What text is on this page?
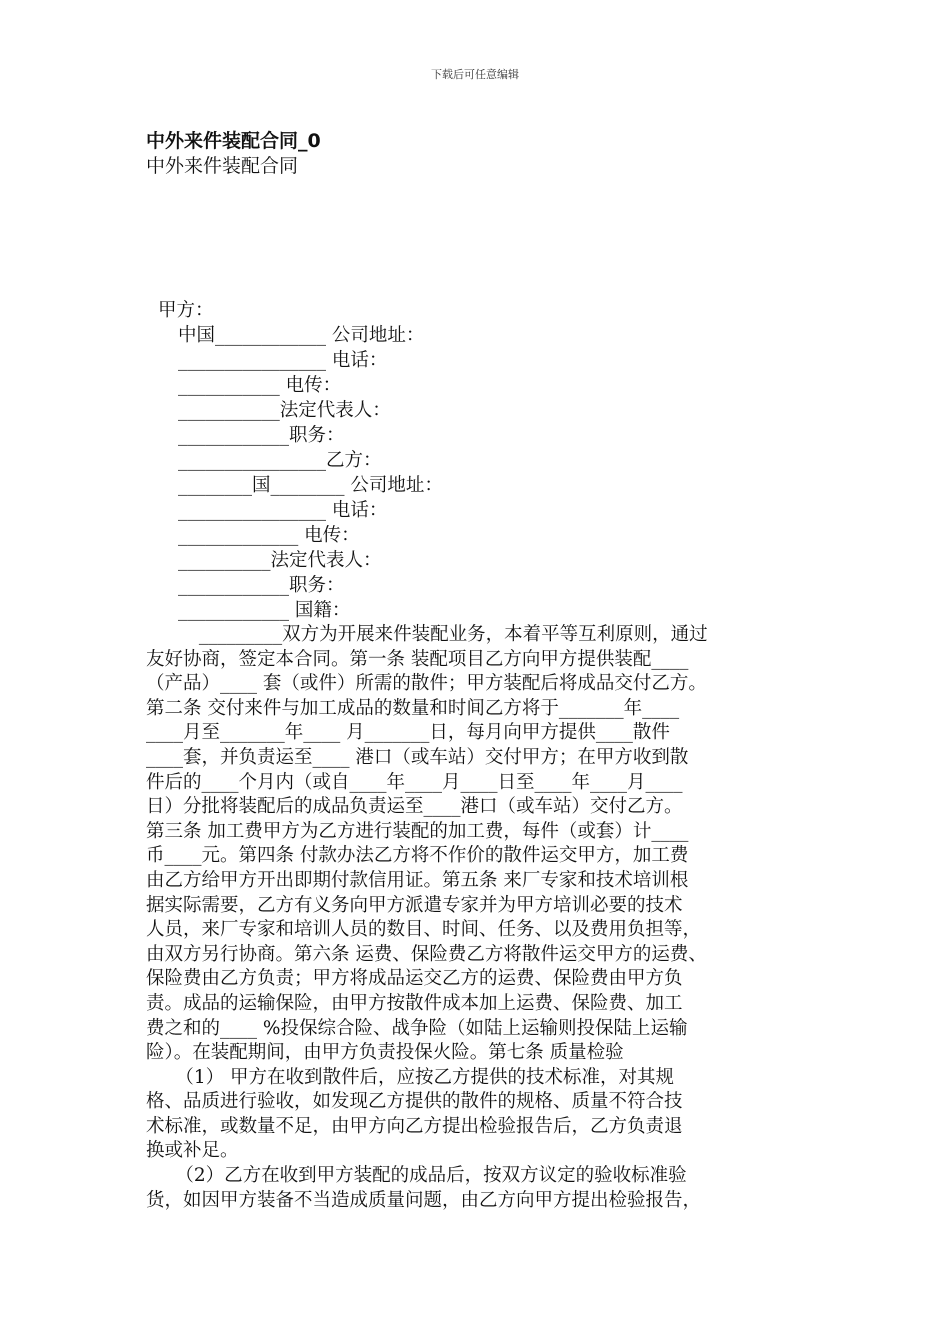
下载后可任意编辑
中外来件装配合同_0
中外来件装配合同
甲方：
中国____________ 公司地址：
________________ 电话：
___________ 电传：
___________法定代表人：
____________职务：
________________乙方：
________国________ 公司地址：
________________ 电话：
_____________ 电传：
__________法定代表人：
____________职务：
____________ 国籍：
_________双方为开展来件装配业务，本着平等互利原则，通过
友好协商，签定本合同。第一条 装配项目乙方向甲方提供装配____
（产品）____ 套（或件）所需的散件；甲方装配后将成品交付乙方。
第二条 交付来件与加工成品的数量和时间乙方将于_______年____
____月至_______年____ 月_______日，每月向甲方提供____散件
____套，并负责运至____ 港口（或车站）交付甲方；在甲方收到散
件后的____个月内（或自____年____月____日至____年____月____
日）分批将装配后的成品负责运至____港口（或车站）交付乙方。
第三条 加工费甲方为乙方进行装配的加工费，每件（或套）计____
币____元。第四条 付款办法乙方将不作价的散件运交甲方，加工费
由乙方给甲方开出即期付款信用证。第五条 来厂专家和技术培训根
据实际需要，乙方有义务向甲方派遣专家并为甲方培训必要的技术
人员，来厂专家和培训人员的数目、时间、任务、以及费用负担等，
由双方另行协商。第六条 运费、保险费乙方将散件运交甲方的运费、
保险费由乙方负责；甲方将成品运交乙方的运费、保险费由甲方负
责。成品的运输保险，由甲方按散件成本加上运费、保险费、加工
费之和的____ %投保综合险、战争险（如陆上运输则投保陆上运输
险）。在装配期间，由甲方负责投保火险。第七条 质量检验
（1） 甲方在收到散件后，应按乙方提供的技术标准，对其规
格、品质进行验收，如发现乙方提供的散件的规格、质量不符合技
术标准，或数量不足，由甲方向乙方提出检验报告后，乙方负责退
换或补足。
（2）乙方在收到甲方装配的成品后，按双方议定的验收标准验
货，如因甲方装备不当造成质量问题，由乙方向甲方提出检验报告，
